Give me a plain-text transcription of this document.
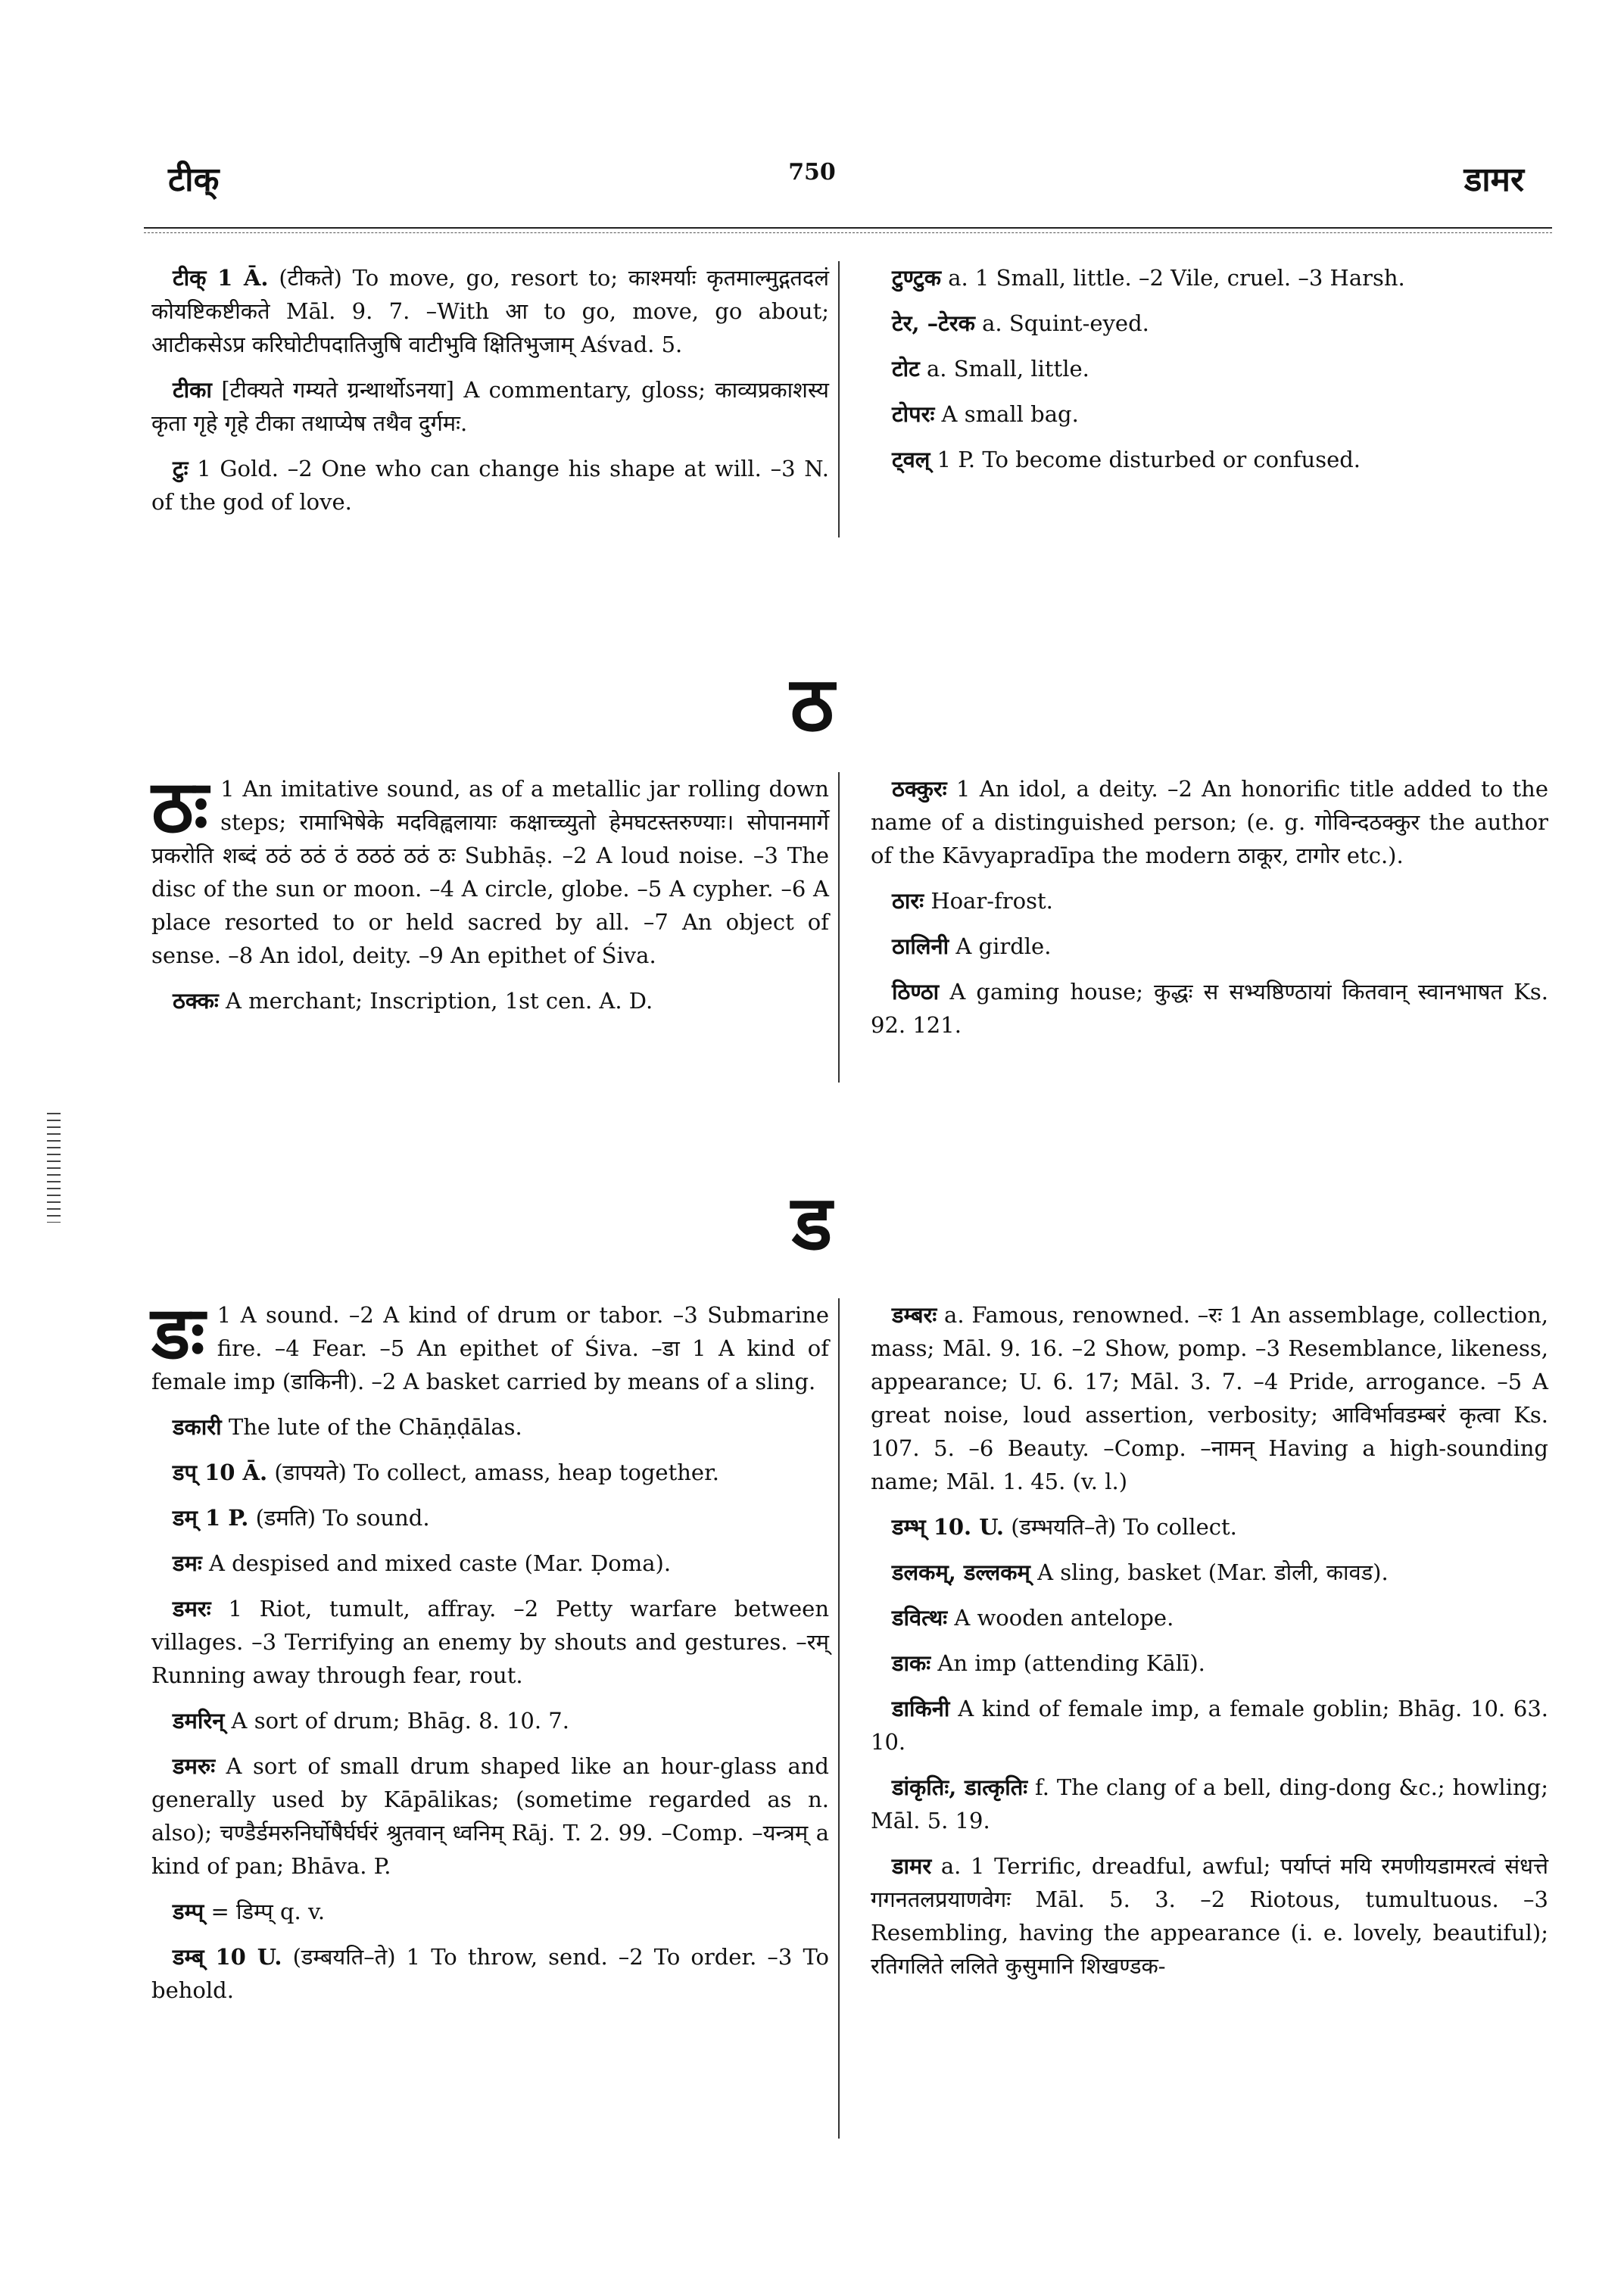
टीक्	750	डामर

टीक् 1 Ā. (टीकते) To move, go, resort to; काश्मर्याः कृतमाल्मुद्गतदलं कोयष्टिकष्टीकते Māl. 9. 7. –With आ to go, move, go about; आटीकसेऽप्र करिघोटीपदातिजुषि वाटीभुवि क्षितिभुजाम् Aśvad. 5.

टीका [टीक्यते गम्यते ग्रन्थार्थोऽनया] A commentary, gloss; काव्यप्रकाशस्य कृता गृहे गृहे टीका तथाप्येष तथैव दुर्गमः.

टुः 1 Gold. –2 One who can change his shape at will. –3 N. of the god of love.

टुण्टुक a. 1 Small, little. –2 Vile, cruel. –3 Harsh.

टेर, –टेरक a. Squint-eyed.

टोट a. Small, little.

टोपरः A small bag.

ट्वल् 1 P. To become disturbed or confused.

ठ

ठः 1 An imitative sound, as of a metallic jar rolling down steps; रामाभिषेके मदविह्वलायाः कक्षाच्च्युतो हेमघटस्तरुण्याः। सोपानमार्गे प्रकरोति शब्दं ठठं ठठं ठं ठठठं ठठं ठः Subhāṣ. –2 A loud noise. –3 The disc of the sun or moon. –4 A circle, globe. –5 A cypher. –6 A place resorted to or held sacred by all. –7 An object of sense. –8 An idol, deity. –9 An epithet of Śiva.

ठक्कः A merchant; Inscription, 1st cen. A. D.

ठक्कुरः 1 An idol, a deity. –2 An honorific title added to the name of a distinguished person; (e. g. गोविन्दठक्कुर the author of the Kāvyapradīpa the modern ठाकूर, टागोर etc.).

ठारः Hoar-frost.

ठालिनी A girdle.

ठिण्ठा A gaming house; कुद्धः स सभ्यष्ठिण्ठायां कितवान् स्वानभाषत Ks. 92. 121.

ड

डः 1 A sound. –2 A kind of drum or tabor. –3 Submarine fire. –4 Fear. –5 An epithet of Śiva. –डा 1 A kind of female imp (डाकिनी). –2 A basket carried by means of a sling.

डकारी The lute of the Chāṇḍālas.

डप् 10 Ā. (डापयते) To collect, amass, heap together.

डम् 1 P. (डमति) To sound.

डमः A despised and mixed caste (Mar. Ḍoma).

डमरः 1 Riot, tumult, affray. –2 Petty warfare between villages. –3 Terrifying an enemy by shouts and gestures. –रम् Running away through fear, rout.

डमरिन् A sort of drum; Bhāg. 8. 10. 7.

डमरुः A sort of small drum shaped like an hour-glass and generally used by Kāpālikas; (sometime regarded as n. also); चण्डैर्डमरुनिर्घोषैर्घर्घरं श्रुतवान् ध्वनिम् Rāj. T. 2. 99. –Comp. –यन्त्रम् a kind of pan; Bhāva. P.

डम्प् = डिम्प् q. v.

डम्ब् 10 U. (डम्बयति–ते) 1 To throw, send. –2 To order. –3 To behold.

डम्बरः a. Famous, renowned. –रः 1 An assemblage, collection, mass; Māl. 9. 16. –2 Show, pomp. –3 Resemblance, likeness, appearance; U. 6. 17; Māl. 3. 7. –4 Pride, arrogance. –5 A great noise, loud assertion, verbosity; आविर्भावडम्बरं कृत्वा Ks. 107. 5. –6 Beauty. –Comp. –नामन् Having a high-sounding name; Māl. 1. 45. (v. l.)

डम्भ् 10. U. (डम्भयति–ते) To collect.

डलकम्, डल्लकम् A sling, basket (Mar. डोली, कावड).

डवित्थः A wooden antelope.

डाकः An imp (attending Kālī).

डाकिनी A kind of female imp, a female goblin; Bhāg. 10. 63. 10.

डांकृतिः, डात्कृतिः f. The clang of a bell, ding-dong &c.; howling; Māl. 5. 19.

डामर a. 1 Terrific, dreadful, awful; पर्याप्तं मयि रमणीयडामरत्वं संधत्ते गगनतलप्रयाणवेगः Māl. 5. 3. –2 Riotous, tumultuous. –3 Resembling, having the appearance (i. e. lovely, beautiful); रतिगलिते ललिते कुसुमानि शिखण्डक-
